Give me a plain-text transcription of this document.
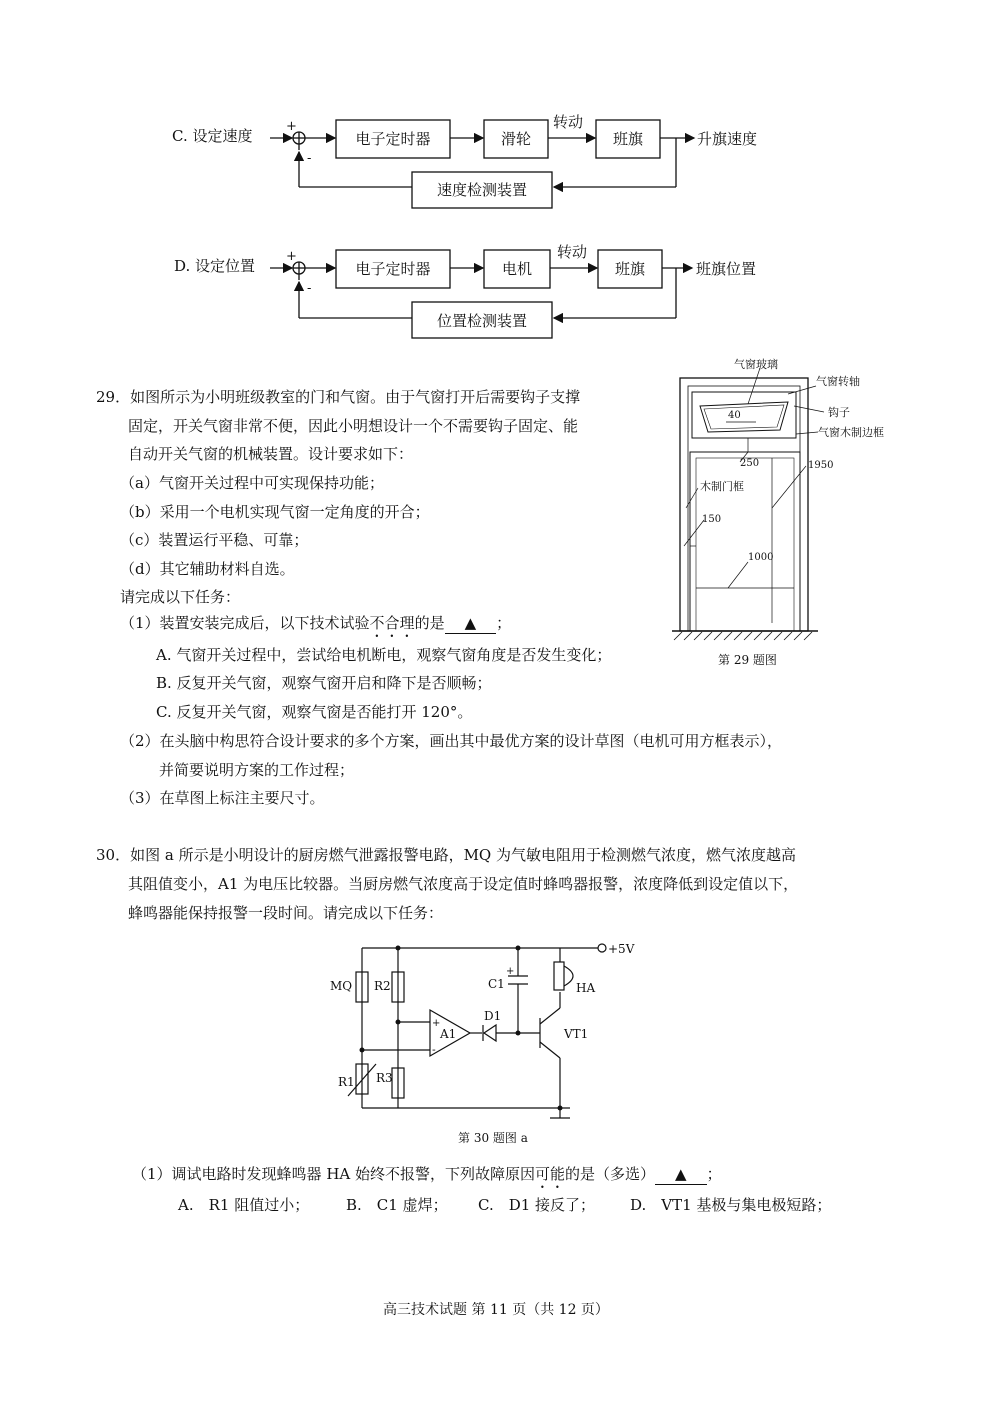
C. 设定速度
+
-
电子定时器	滑轮
转动
班旗	升旗速度
速度检测装置
D. 设定位置
+
-
电子定时器	电机
转动
班旗	班旗位置
位置检测装置
29．如图所示为小明班级教室的门和气窗。由于气窗打开后需要钩子支撑
固定，开关气窗非常不便，因此小明想设计一个不需要钩子固定、能
自动开关气窗的机械装置。设计要求如下：
（a）气窗开关过程中可实现保持功能；
（b）采用一个电机实现气窗一定角度的开合；
（c）装置运行平稳、可靠；
（d）其它辅助材料自选。
请完成以下任务：
（1）装置安装完成后，以下技术试验不合理的是 ▲ ；
A. 气窗开关过程中，尝试给电机断电，观察气窗角度是否发生变化；
B. 反复开关气窗，观察气窗开启和降下是否顺畅；
C. 反复开关气窗，观察气窗是否能打开 120°。
（2）在头脑中构思符合设计要求的多个方案，画出其中最优方案的设计草图（电机可用方框表示），
并简要说明方案的工作过程；
（3）在草图上标注主要尺寸。
气窗玻璃
气窗转轴
钩子
气窗木制边框
40
250	1950
木制门框
150
1000
第 29 题图
30．如图 a 所示是小明设计的厨房燃气泄露报警电路，MQ 为气敏电阻用于检测燃气浓度，燃气浓度越高
其阻值变小，A1 为电压比较器。当厨房燃气浓度高于设定值时蜂鸣器报警，浓度降低到设定值以下，
蜂鸣器能保持报警一段时间。请完成以下任务：
+5V
MQ R2	C1
+
HA
+
-
A1
D1
VT1
R1 R3
第 30 题图 a
（1）调试电路时发现蜂鸣器 HA 始终不报警，下列故障原因可能的是（多选） ▲ ；
A.　R1 阻值过小； B.　C1 虚焊； C.　D1 接反了； D.　VT1 基极与集电极短路；
高三技术试题 第 11 页（共 12 页）
